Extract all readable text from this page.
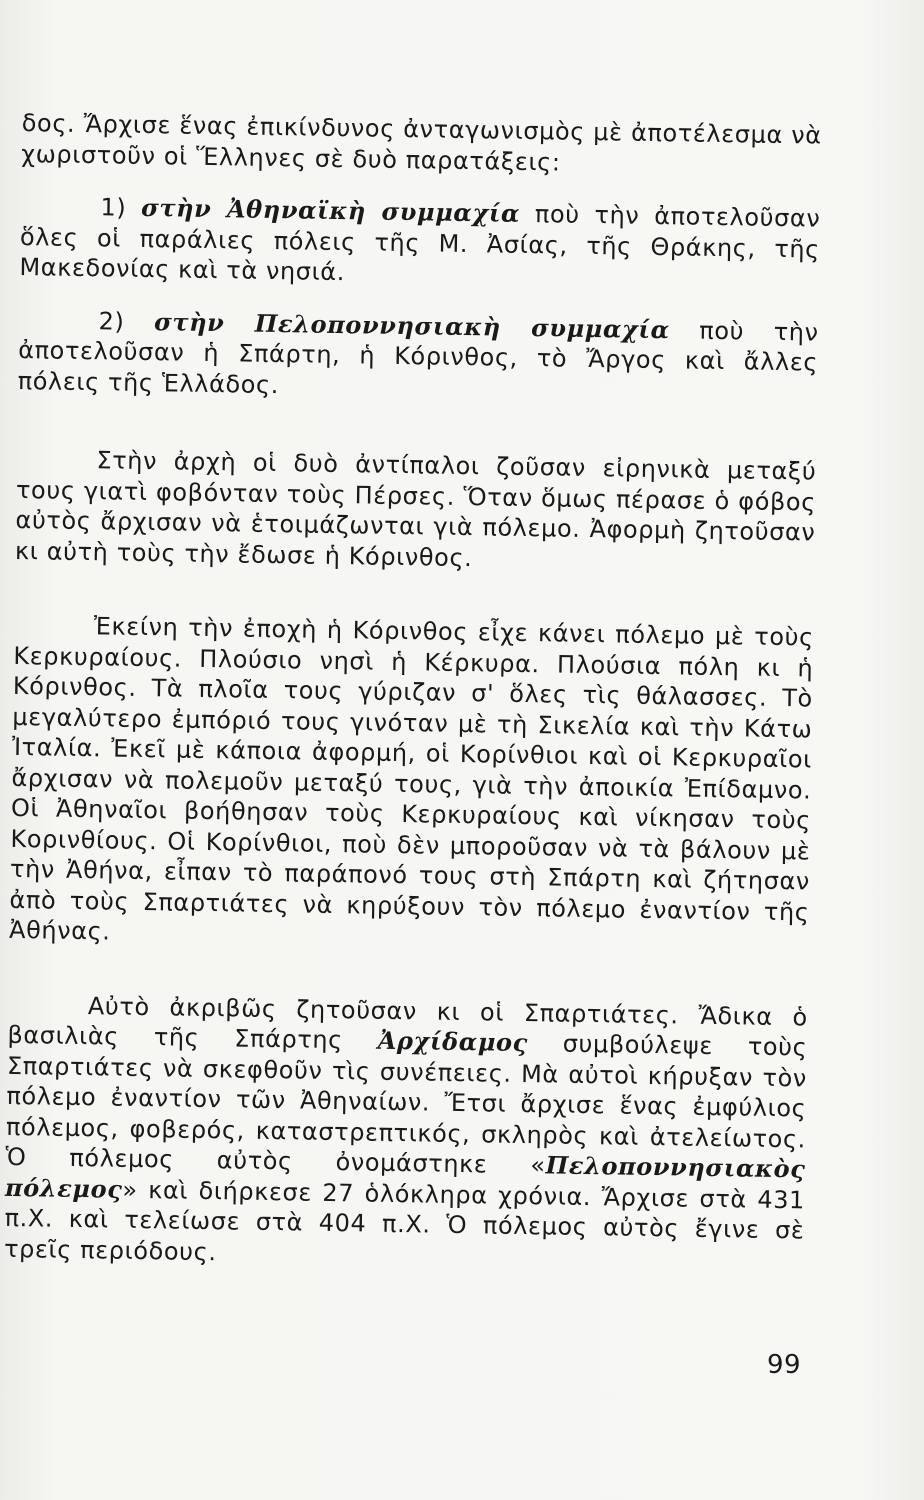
δος. Ἄρχισε ἕνας ἐπικίνδυνος ἀνταγωνισμὸς μὲ ἀποτέλεσμα νὰ χωριστοῦν οἱ Ἕλληνες σὲ δυὸ παρατάξεις:

1) στὴν Ἀθηναϊκὴ συμμαχία ποὺ τὴν ἀποτελοῦσαν ὅλες οἱ παράλιες πόλεις τῆς Μ. Ἀσίας, τῆς Θράκης, τῆς Μακεδονίας καὶ τὰ νησιά.

2) στὴν Πελοποννησιακὴ συμμαχία ποὺ τὴν ἀποτελοῦσαν ἡ Σπάρτη, ἡ Κόρινθος, τὸ Ἄργος καὶ ἄλλες πόλεις τῆς Ἑλλάδος.

Στὴν ἀρχὴ οἱ δυὸ ἀντίπαλοι ζοῦσαν εἰρηνικὰ μεταξύ τους γιατὶ φοβόνταν τοὺς Πέρσες. Ὅταν ὅμως πέρασε ὁ φόβος αὐτὸς ἄρχισαν νὰ ἑτοιμάζωνται γιὰ πόλεμο. Ἀφορμὴ ζητοῦσαν κι αὐτὴ τοὺς τὴν ἔδωσε ἡ Κόρινθος.

Ἐκείνη τὴν ἐποχὴ ἡ Κόρινθος εἶχε κάνει πόλεμο μὲ τοὺς Κερκυραίους. Πλούσιο νησὶ ἡ Κέρκυρα. Πλούσια πόλη κι ἡ Κόρινθος. Τὰ πλοῖα τους γύριζαν σ' ὅλες τὶς θάλασσες. Τὸ μεγαλύτερο ἐμπόριό τους γινόταν μὲ τὴ Σικελία καὶ τὴν Κάτω Ἰταλία. Ἐκεῖ μὲ κάποια ἀφορμή, οἱ Κορίνθιοι καὶ οἱ Κερκυραῖοι ἄρχισαν νὰ πολεμοῦν μεταξύ τους, γιὰ τὴν ἀποικία Ἐπίδαμνο. Οἱ Ἀθηναῖοι βοήθησαν τοὺς Κερκυραίους καὶ νίκησαν τοὺς Κορινθίους. Οἱ Κορίνθιοι, ποὺ δὲν μποροῦσαν νὰ τὰ βάλουν μὲ τὴν Ἀθήνα, εἶπαν τὸ παράπονό τους στὴ Σπάρτη καὶ ζήτησαν ἀπὸ τοὺς Σπαρτιάτες νὰ κηρύξουν τὸν πόλεμο ἐναντίον τῆς Ἀθήνας.

Αὐτὸ ἀκριβῶς ζητοῦσαν κι οἱ Σπαρτιάτες. Ἄδικα ὁ βασιλιὰς τῆς Σπάρτης Ἀρχίδαμος συμβούλεψε τοὺς Σπαρτιάτες νὰ σκεφθοῦν τὶς συνέπειες. Μὰ αὐτοὶ κήρυξαν τὸν πόλεμο ἐναντίον τῶν Ἀθηναίων. Ἔτσι ἄρχισε ἕνας ἐμφύλιος πόλεμος, φοβερός, καταστρεπτικός, σκληρὸς καὶ ἀτελείωτος. Ὁ πόλεμος αὐτὸς ὀνομάστηκε «Πελοποννησιακὸς πόλεμος» καὶ διήρκεσε 27 ὁλόκληρα χρόνια. Ἄρχισε στὰ 431 π.Χ. καὶ τελείωσε στὰ 404 π.Χ. Ὁ πόλεμος αὐτὸς ἔγινε σὲ τρεῖς περιόδους.

99
